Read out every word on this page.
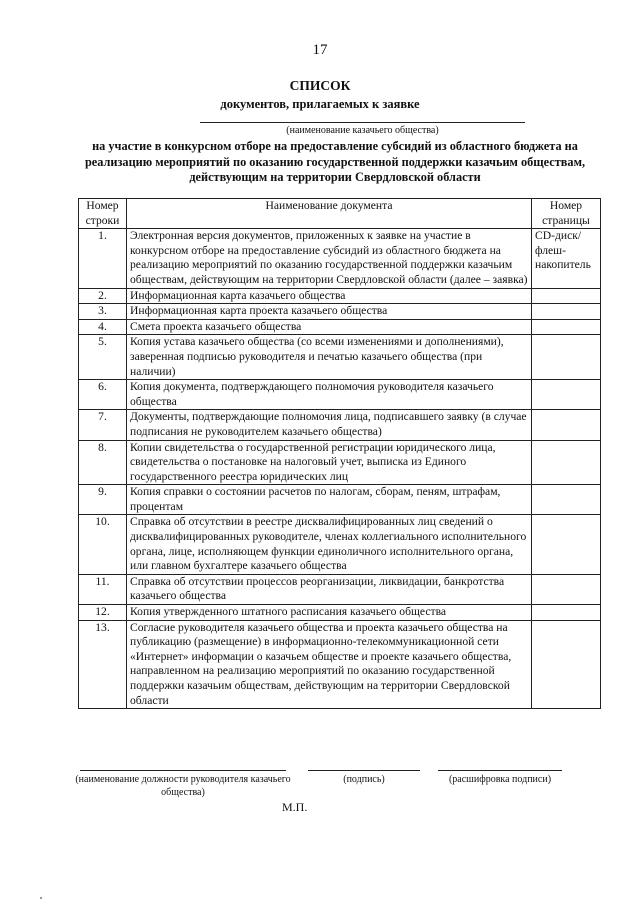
17
СПИСОК
документов, прилагаемых к заявке
(наименование казачьего общества)
на участие в конкурсном отборе на предоставление субсидий из областного бюджета на реализацию мероприятий по оказанию государственной поддержки казачьим обществам, действующим на территории Свердловской области
Номер строки	Наименование документа	Номер страницы
1.	Электронная версия документов, приложенных к заявке на участие в конкурсном отборе на предоставление субсидий из областного бюджета на реализацию мероприятий по оказанию государственной поддержки казачьим обществам, действующим на территории Свердловской области (далее – заявка)	CD-диск/ флеш-накопитель
2.	Информационная карта казачьего общества	
3.	Информационная карта проекта казачьего общества	
4.	Смета проекта казачьего общества	
5.	Копия устава казачьего общества (со всеми изменениями и дополнениями), заверенная подписью руководителя и печатью казачьего общества (при наличии)	
6.	Копия документа, подтверждающего полномочия руководителя казачьего общества	
7.	Документы, подтверждающие полномочия лица, подписавшего заявку (в случае подписания не руководителем казачьего общества)	
8.	Копии свидетельства о государственной регистрации юридического лица, свидетельства о постановке на налоговый учет, выписка из Единого государственного реестра юридических лиц	
9.	Копия справки о состоянии расчетов по налогам, сборам, пеням, штрафам, процентам	
10.	Справка об отсутствии в реестре дисквалифицированных лиц сведений о дисквалифицированных руководителе, членах коллегиального исполнительного органа, лице, исполняющем функции единоличного исполнительного органа, или главном бухгалтере казачьего общества	
11.	Справка об отсутствии процессов реорганизации, ликвидации, банкротства казачьего общества	
12.	Копия утвержденного штатного расписания казачьего общества	
13.	Согласие руководителя казачьего общества и проекта казачьего общества на публикацию (размещение) в информационно-телекоммуникационной сети «Интернет» информации о казачьем обществе и проекте казачьего общества, направленном на реализацию мероприятий по оказанию государственной поддержки казачьим обществам, действующим на территории Свердловской области	
(наименование должности руководителя казачьего общества)
(подпись)	(расшифровка подписи)
М.П.
